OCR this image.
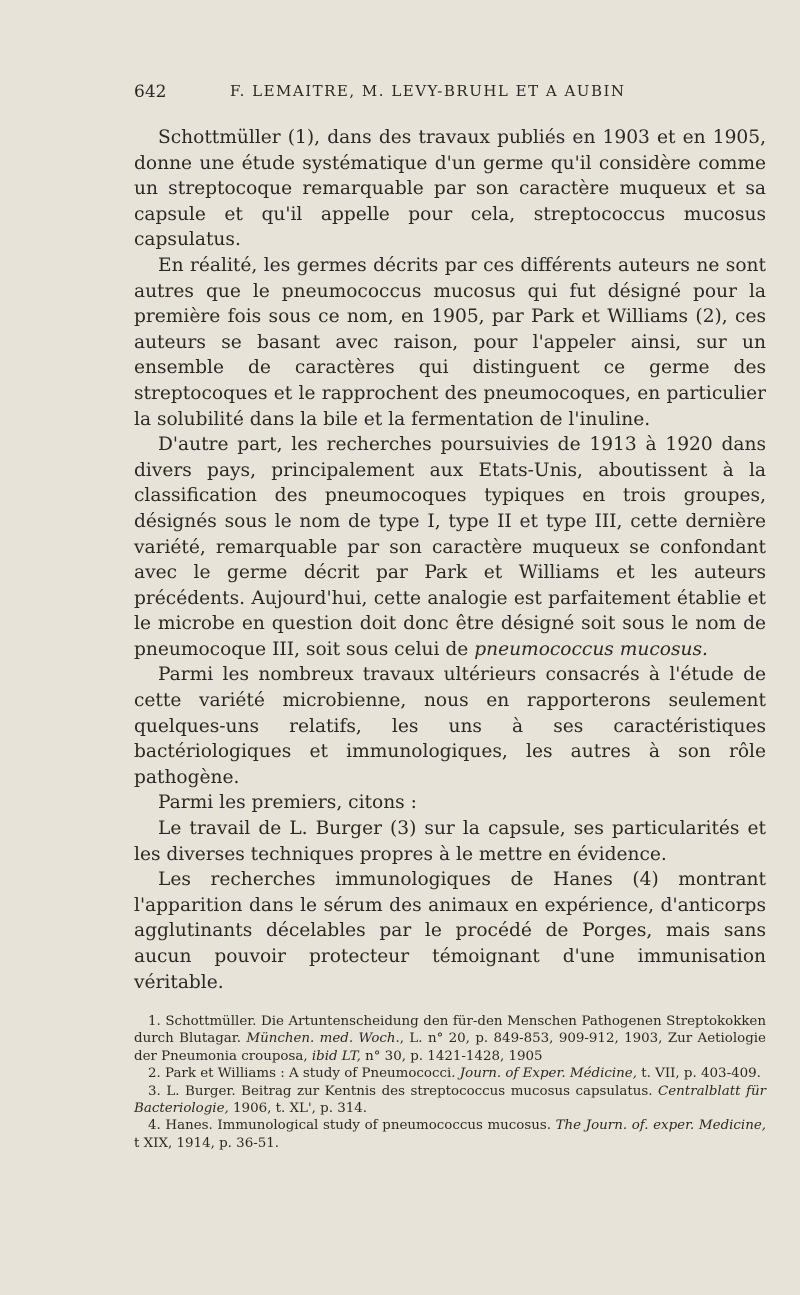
642	F. LEMAITRE, M. LEVY-BRUHL ET A AUBIN

Schottmüller (1), dans des travaux publiés en 1903 et en 1905, donne une étude systématique d'un germe qu'il considère comme un streptocoque remarquable par son caractère muqueux et sa capsule et qu'il appelle pour cela, streptococcus mucosus capsulatus.

En réalité, les germes décrits par ces différents auteurs ne sont autres que le pneumococcus mucosus qui fut désigné pour la première fois sous ce nom, en 1905, par Park et Williams (2), ces auteurs se basant avec raison, pour l'appeler ainsi, sur un ensemble de caractères qui distinguent ce germe des streptocoques et le rapprochent des pneumocoques, en particulier la solubilité dans la bile et la fermentation de l'inuline.

D'autre part, les recherches poursuivies de 1913 à 1920 dans divers pays, principalement aux Etats-Unis, aboutissent à la classification des pneumocoques typiques en trois groupes, désignés sous le nom de type I, type II et type III, cette dernière variété, remarquable par son caractère muqueux se confondant avec le germe décrit par Park et Williams et les auteurs précédents. Aujourd'hui, cette analogie est parfaitement établie et le microbe en question doit donc être désigné soit sous le nom de pneumocoque III, soit sous celui de pneumococcus mucosus.

Parmi les nombreux travaux ultérieurs consacrés à l'étude de cette variété microbienne, nous en rapporterons seulement quelques-uns relatifs, les uns à ses caractéristiques bactériologiques et immunologiques, les autres à son rôle pathogène.

Parmi les premiers, citons :

Le travail de L. Burger (3) sur la capsule, ses particularités et les diverses techniques propres à le mettre en évidence.

Les recherches immunologiques de Hanes (4) montrant l'apparition dans le sérum des animaux en expérience, d'anticorps agglutinants décelables par le procédé de Porges, mais sans aucun pouvoir protecteur témoignant d'une immunisation véritable.

1. Schottmüller. Die Artuntenscheidung den für-den Menschen Pathogenen Streptokokken durch Blutagar. München. med. Woch., L. n° 20, p. 849-853, 909-912, 1903, Zur Aetiologie der Pneumonia crouposa, ibid LT, n° 30, p. 1421-1428, 1905

2. Park et Williams : A study of Pneumococci. Journ. of Exper. Médicine, t. VII, p. 403-409.

3. L. Burger. Beitrag zur Kentnis des streptococcus mucosus capsulatus. Centralblatt für Bacteriologie, 1906, t. XL', p. 314.

4. Hanes. Immunological study of pneumococcus mucosus. The Journ. of. exper. Medicine, t XIX, 1914, p. 36-51.
